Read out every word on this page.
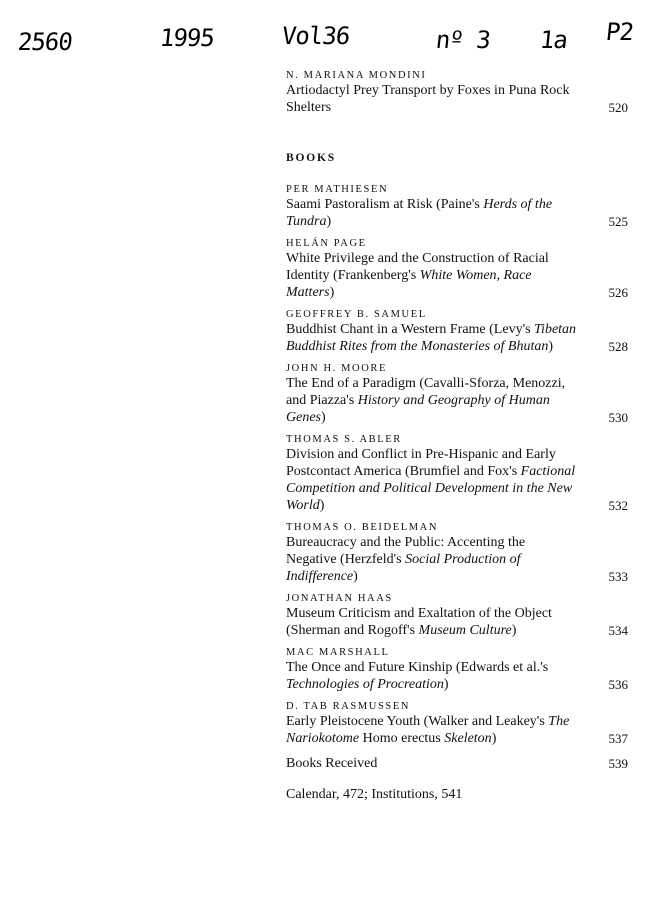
2560	1995	Vol36	nº 3 1a P2
N. MARIANA MONDINI
Artiodactyl Prey Transport by Foxes in Puna Rock Shelters	520
BOOKS
PER MATHIESEN
Saami Pastoralism at Risk (Paine's Herds of the Tundra)	525
HELÁN PAGE
White Privilege and the Construction of Racial Identity (Frankenberg's White Women, Race Matters)	526
GEOFFREY B. SAMUEL
Buddhist Chant in a Western Frame (Levy's Tibetan Buddhist Rites from the Monasteries of Bhutan)	528
JOHN H. MOORE
The End of a Paradigm (Cavalli-Sforza, Menozzi, and Piazza's History and Geography of Human Genes)	530
THOMAS S. ABLER
Division and Conflict in Pre-Hispanic and Early Postcontact America (Brumfiel and Fox's Factional Competition and Political Development in the New World)	532
THOMAS O. BEIDELMAN
Bureaucracy and the Public: Accenting the Negative (Herzfeld's Social Production of Indifference)	533
JONATHAN HAAS
Museum Criticism and Exaltation of the Object (Sherman and Rogoff's Museum Culture)	534
MAC MARSHALL
The Once and Future Kinship (Edwards et al.'s Technologies of Procreation)	536
D. TAB RASMUSSEN
Early Pleistocene Youth (Walker and Leakey's The Nariokotome Homo erectus Skeleton)	537
Books Received	539
Calendar, 472; Institutions, 541
